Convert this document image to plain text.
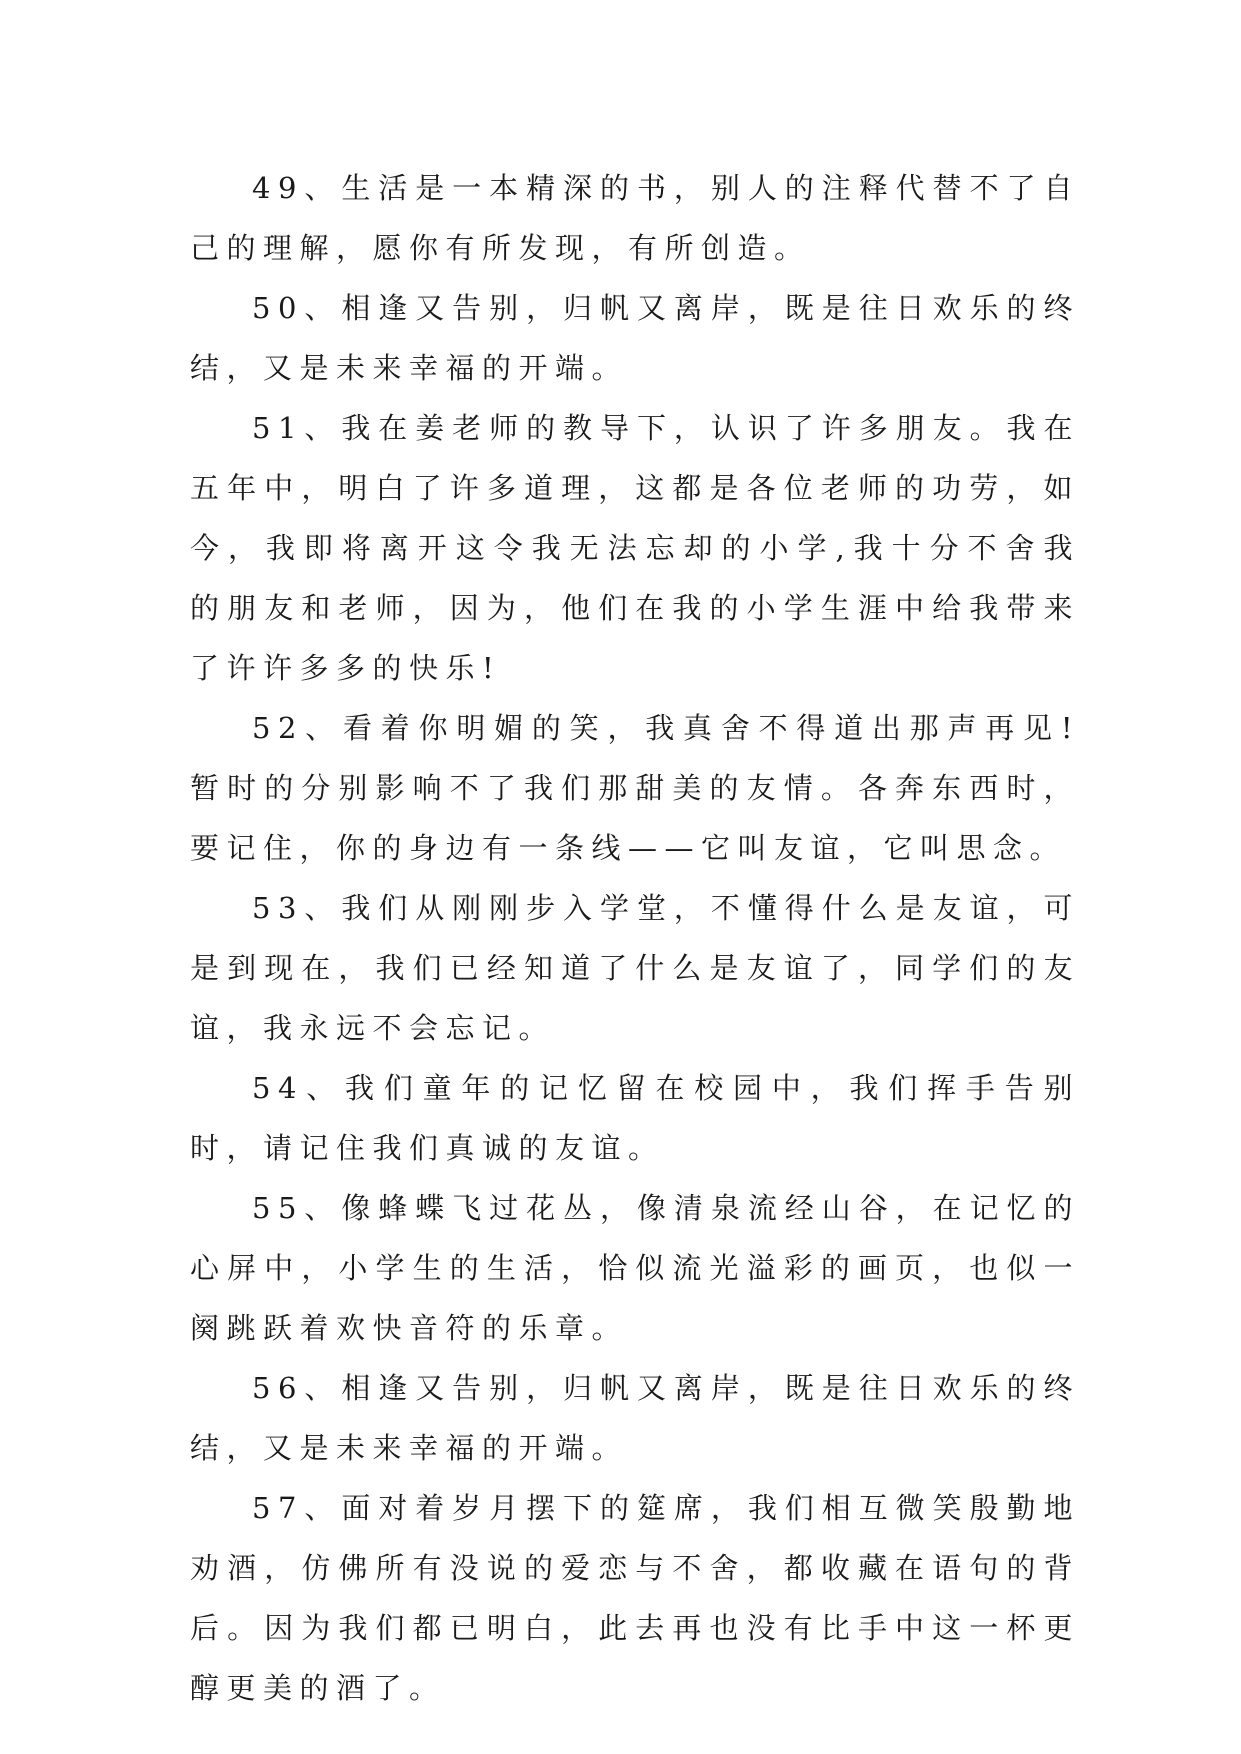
49、生活是一本精深的书，别人的注释代替不了自己的理解，愿你有所发现，有所创造。

50、相逢又告别，归帆又离岸，既是往日欢乐的终结，又是未来幸福的开端。

51、我在姜老师的教导下，认识了许多朋友。我在五年中，明白了许多道理，这都是各位老师的功劳，如今，我即将离开这令我无法忘却的小学,我十分不舍我的朋友和老师，因为，他们在我的小学生涯中给我带来了许许多多的快乐!

52、看着你明媚的笑，我真舍不得道出那声再见!暂时的分别影响不了我们那甜美的友情。各奔东西时，要记住，你的身边有一条线——它叫友谊，它叫思念。

53、我们从刚刚步入学堂，不懂得什么是友谊，可是到现在，我们已经知道了什么是友谊了，同学们的友谊，我永远不会忘记。

54、我们童年的记忆留在校园中，我们挥手告别时，请记住我们真诚的友谊。

55、像蜂蝶飞过花丛，像清泉流经山谷，在记忆的心屏中，小学生的生活，恰似流光溢彩的画页，也似一阕跳跃着欢快音符的乐章。

56、相逢又告别，归帆又离岸，既是往日欢乐的终结，又是未来幸福的开端。

57、面对着岁月摆下的筵席，我们相互微笑殷勤地劝酒，仿佛所有没说的爱恋与不舍，都收藏在语句的背后。因为我们都已明白，此去再也没有比手中这一杯更醇更美的酒了。
